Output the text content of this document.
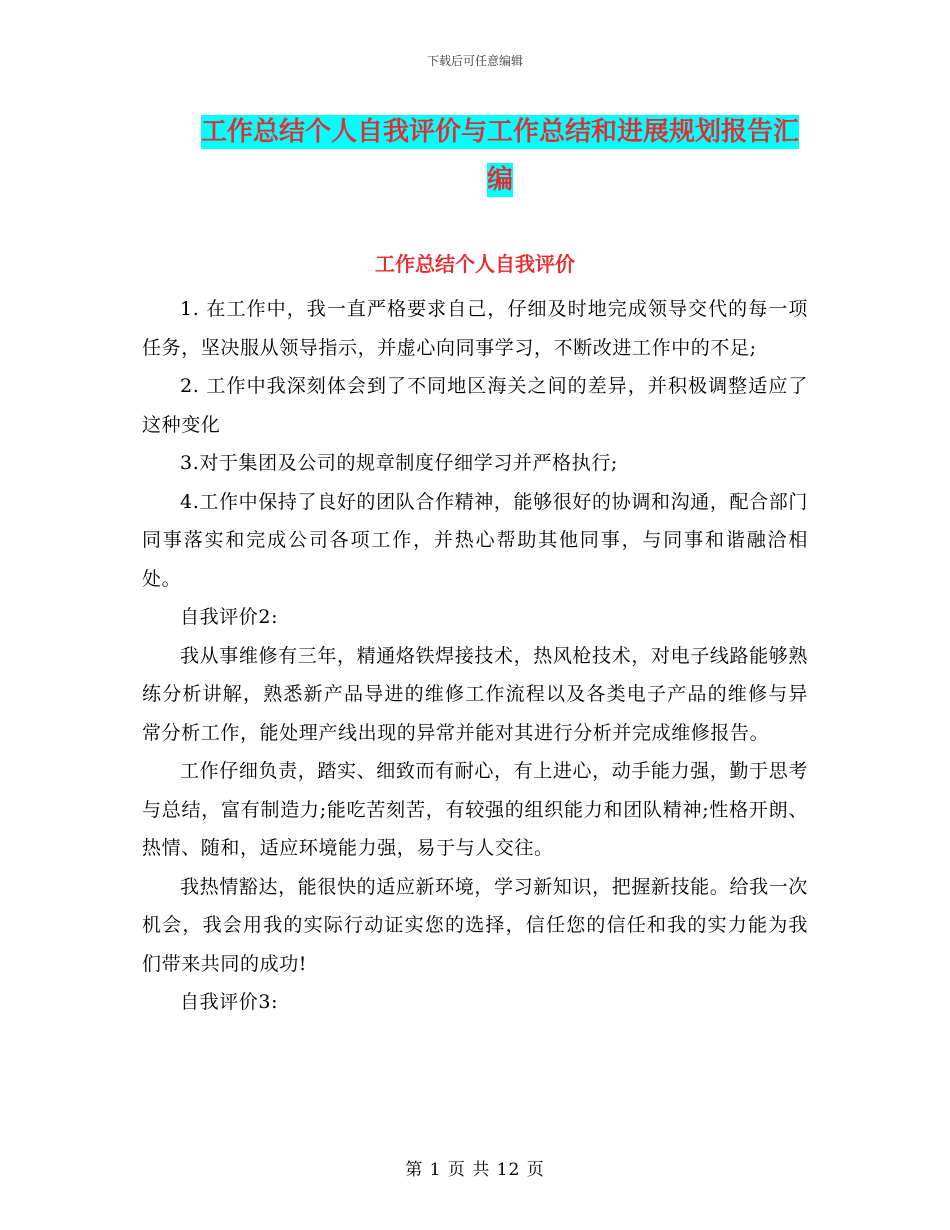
下载后可任意编辑
工作总结个人自我评价与工作总结和进展规划报告汇
编
工作总结个人自我评价

1. 在工作中，我一直严格要求自己，仔细及时地完成领导交代的每一项任务，坚决服从领导指示，并虚心向同事学习，不断改进工作中的不足;

2. 工作中我深刻体会到了不同地区海关之间的差异，并积极调整适应了这种变化

3.对于集团及公司的规章制度仔细学习并严格执行;

4.工作中保持了良好的团队合作精神，能够很好的协调和沟通，配合部门同事落实和完成公司各项工作，并热心帮助其他同事，与同事和谐融洽相处。

自我评价2:

我从事维修有三年，精通烙铁焊接技术，热风枪技术，对电子线路能够熟练分析讲解，熟悉新产品导进的维修工作流程以及各类电子产品的维修与异常分析工作，能处理产线出现的异常并能对其进行分析并完成维修报告。

工作仔细负责，踏实、细致而有耐心，有上进心，动手能力强，勤于思考与总结，富有制造力;能吃苦刻苦，有较强的组织能力和团队精神;性格开朗、热情、随和，适应环境能力强，易于与人交往。

我热情豁达，能很快的适应新环境，学习新知识，把握新技能。给我一次机会，我会用我的实际行动证实您的选择，信任您的信任和我的实力能为我们带来共同的成功!

自我评价3:

第 1 页 共 12 页
